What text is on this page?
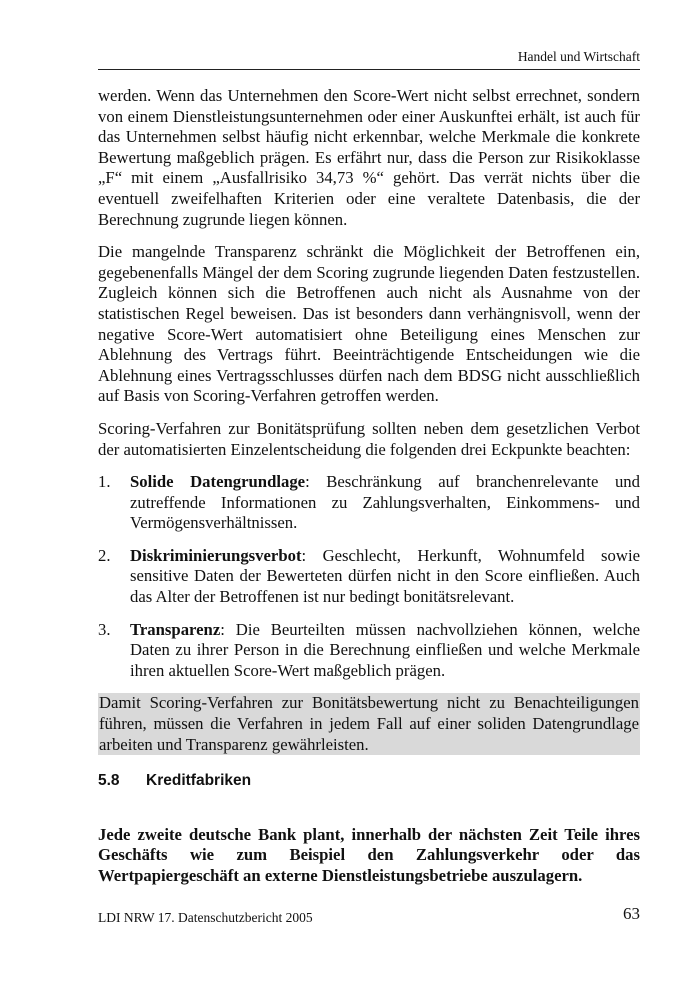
Handel und Wirtschaft

werden. Wenn das Unternehmen den Score-Wert nicht selbst errechnet, sondern von einem Dienstleistungsunternehmen oder einer Auskunftei erhält, ist auch für das Unternehmen selbst häufig nicht erkennbar, welche Merkmale die konkrete Bewertung maßgeblich prägen. Es erfährt nur, dass die Person zur Risikoklasse „F“ mit einem „Ausfallrisiko 34,73 %“ gehört. Das verrät nichts über die eventuell zweifelhaften Kriterien oder eine veraltete Datenbasis, die der Berechnung zugrunde liegen können.

Die mangelnde Transparenz schränkt die Möglichkeit der Betroffenen ein, gegebenenfalls Mängel der dem Scoring zugrunde liegenden Daten festzustellen. Zugleich können sich die Betroffenen auch nicht als Ausnahme von der statistischen Regel beweisen. Das ist besonders dann verhängnisvoll, wenn der negative Score-Wert automatisiert ohne Beteiligung eines Menschen zur Ablehnung des Vertrags führt. Beeinträchtigende Entscheidungen wie die Ablehnung eines Vertragsschlusses dürfen nach dem BDSG nicht ausschließlich auf Basis von Scoring-Verfahren getroffen werden.

Scoring-Verfahren zur Bonitätsprüfung sollten neben dem gesetzlichen Verbot der automatisierten Einzelentscheidung die folgenden drei Eckpunkte beachten:

1. Solide Datengrundlage: Beschränkung auf branchenrelevante und zutreffende Informationen zu Zahlungsverhalten, Einkommens- und Vermögensverhältnissen.
2. Diskriminierungsverbot: Geschlecht, Herkunft, Wohnumfeld sowie sensitive Daten der Bewerteten dürfen nicht in den Score einfließen. Auch das Alter der Betroffenen ist nur bedingt bonitätsrelevant.
3. Transparenz: Die Beurteilten müssen nachvollziehen können, welche Daten zu ihrer Person in die Berechnung einfließen und welche Merkmale ihren aktuellen Score-Wert maßgeblich prägen.

Damit Scoring-Verfahren zur Bonitätsbewertung nicht zu Benachteiligungen führen, müssen die Verfahren in jedem Fall auf einer soliden Datengrundlage arbeiten und Transparenz gewährleisten.

5.8 Kreditfabriken

Jede zweite deutsche Bank plant, innerhalb der nächsten Zeit Teile ihres Geschäfts wie zum Beispiel den Zahlungsverkehr oder das Wertpapiergeschäft an externe Dienstleistungsbetriebe auszulagern.

LDI NRW 17. Datenschutzbericht 2005	63
